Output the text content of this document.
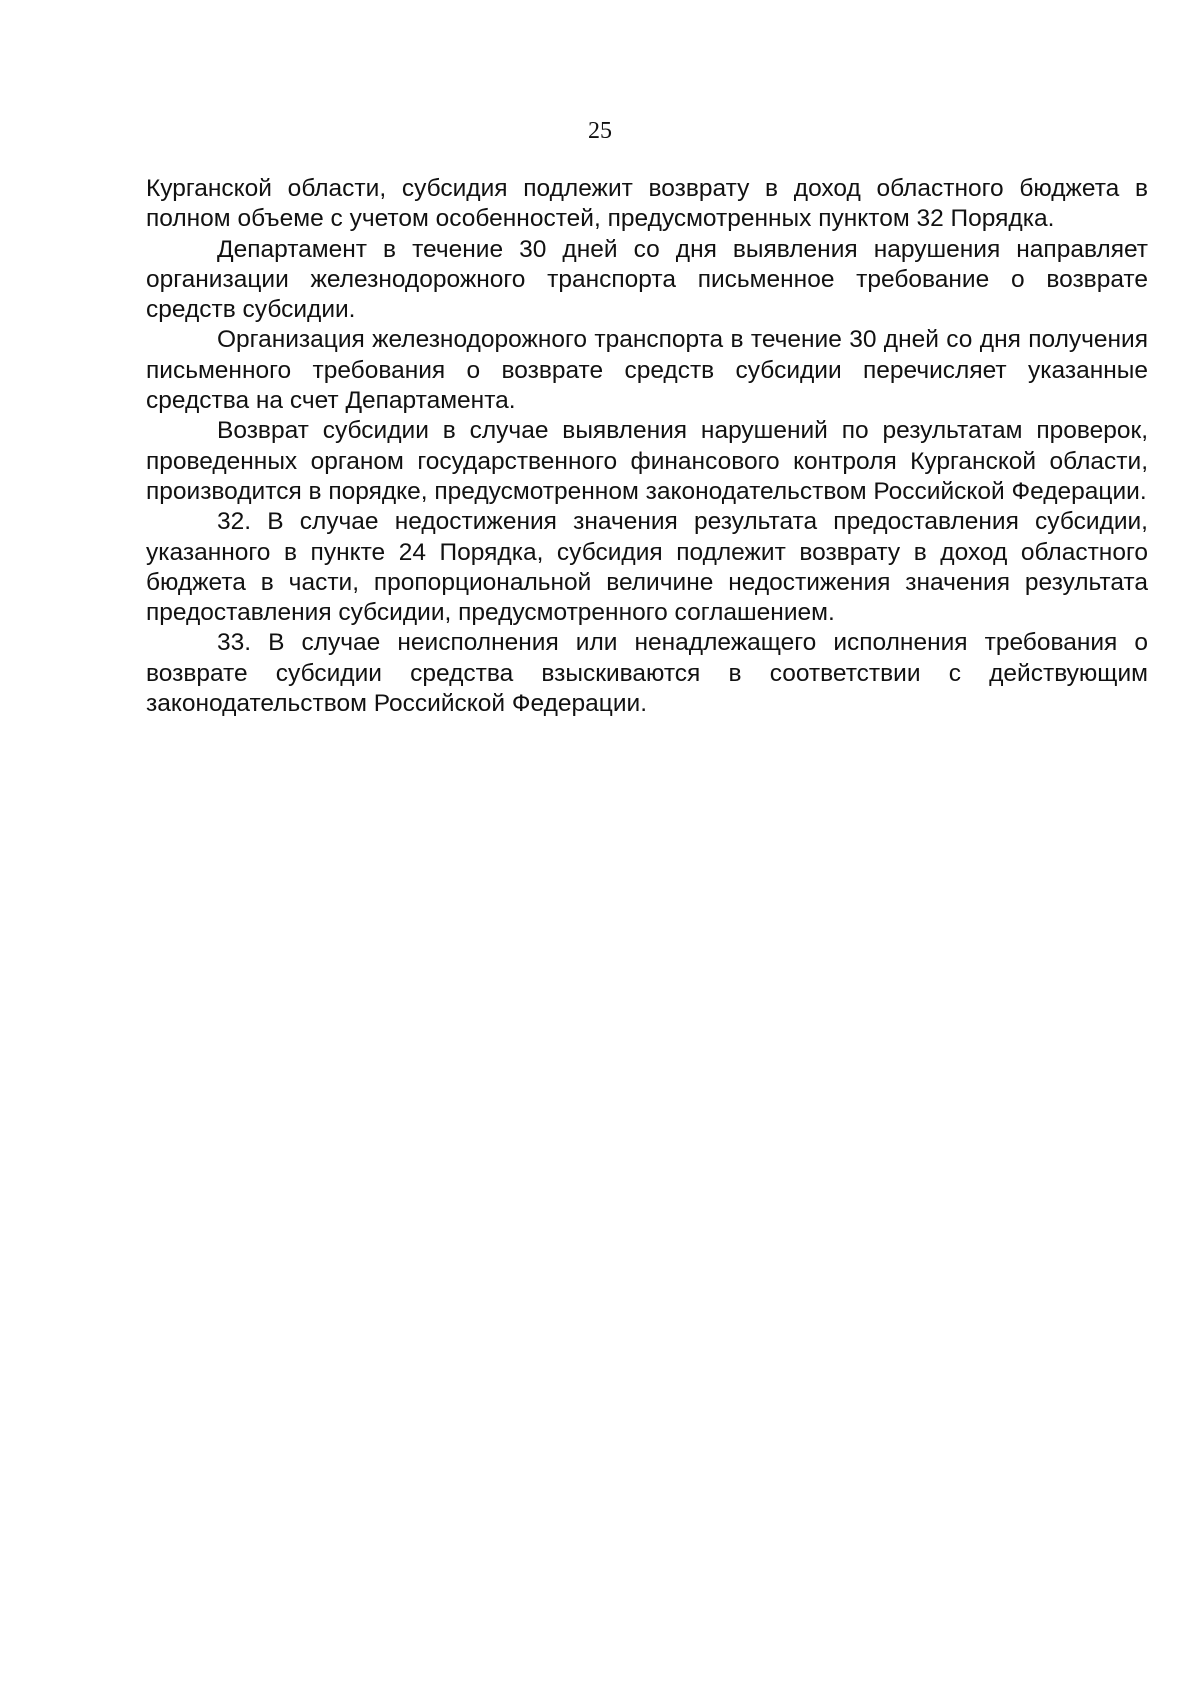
25

Курганской области, субсидия подлежит возврату в доход областного бюджета в полном объеме с учетом особенностей, предусмотренных пунктом 32 Порядка.

Департамент в течение 30 дней со дня выявления нарушения направляет организации железнодорожного транспорта письменное требование о возврате средств субсидии.

Организация железнодорожного транспорта в течение 30 дней со дня получения письменного требования о возврате средств субсидии перечисляет указанные средства на счет Департамента.

Возврат субсидии в случае выявления нарушений по результатам проверок, проведенных органом государственного финансового контроля Курганской области, производится в порядке, предусмотренном законодательством Российской Федерации.

32. В случае недостижения значения результата предоставления субсидии, указанного в пункте 24 Порядка, субсидия подлежит возврату в доход областного бюджета в части, пропорциональной величине недостижения значения результата предоставления субсидии, предусмотренного соглашением.

33. В случае неисполнения или ненадлежащего исполнения требования о возврате субсидии средства взыскиваются в соответствии с действующим законодательством Российской Федерации.
